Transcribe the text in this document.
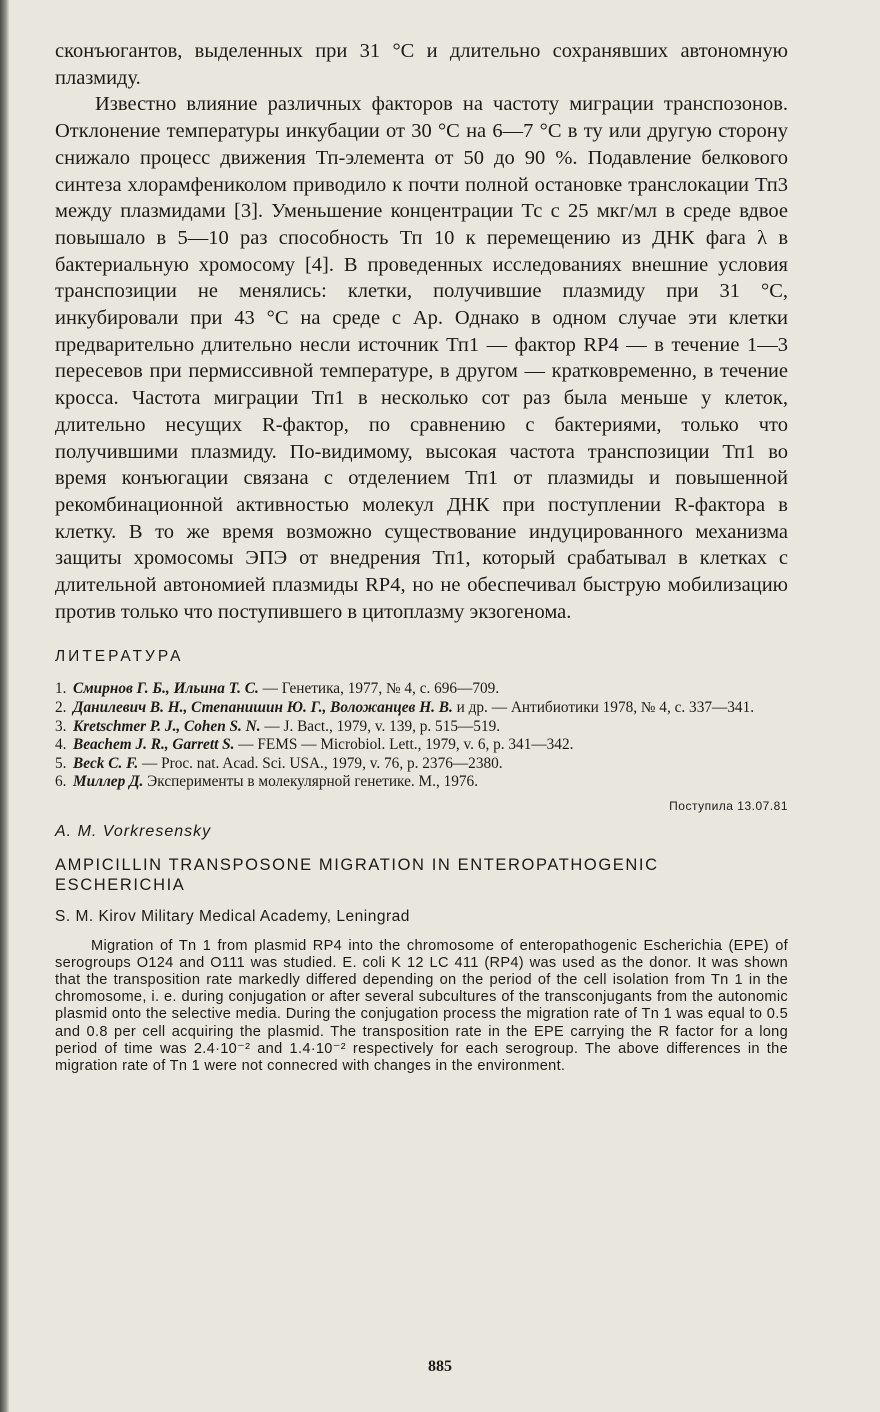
сконъюгантов, выделенных при 31 °С и длительно сохранявших автономную плазмиду.

Известно влияние различных факторов на частоту миграции транспозонов. Отклонение температуры инкубации от 30 °С на 6—7 °С в ту или другую сторону снижало процесс движения Тп-элемента от 50 до 90 %. Подавление белкового синтеза хлорамфениколом приводило к почти полной остановке транслокации Тп3 между плазмидами [3]. Уменьшение концентрации Тс с 25 мкг/мл в среде вдвое повышало в 5—10 раз способность Тп 10 к перемещению из ДНК фага λ в бактериальную хромосому [4]. В проведенных исследованиях внешние условия транспозиции не менялись: клетки, получившие плазмиду при 31 °С, инкубировали при 43 °С на среде с Ар. Однако в одном случае эти клетки предварительно длительно несли источник Тп1 — фактор RP4 — в течение 1—3 пересевов при пермиссивной температуре, в другом — кратковременно, в течение кросса. Частота миграции Тп1 в несколько сот раз была меньше у клеток, длительно несущих R-фактор, по сравнению с бактериями, только что получившими плазмиду. По-видимому, высокая частота транспозиции Тп1 во время конъюгации связана с отделением Тп1 от плазмиды и повышенной рекомбинационной активностью молекул ДНК при поступлении R-фактора в клетку. В то же время возможно существование индуцированного механизма защиты хромосомы ЭПЭ от внедрения Тп1, который срабатывал в клетках с длительной автономией плазмиды RP4, но не обеспечивал быструю мобилизацию против только что поступившего в цитоплазму экзогенома.

ЛИТЕРАТУРА
1. Смирнов Г. Б., Ильина Т. С. — Генетика, 1977, № 4, с. 696—709.
2. Данилевич В. Н., Степанишин Ю. Г., Воложанцев Н. В. и др. — Антибиотики 1978, № 4, с. 337—341.
3. Kretschmer P. J., Cohen S. N. — J. Bact., 1979, v. 139, p. 515—519.
4. Beachem J. R., Garrett S. — FEMS — Microbiol. Lett., 1979, v. 6, p. 341—342.
5. Beck C. F. — Proc. nat. Acad. Sci. USA., 1979, v. 76, p. 2376—2380.
6. Миллер Д. Эксперименты в молекулярной генетике. М., 1976.
Поступила 13.07.81
A. M. Vorkresensky
AMPICILLIN TRANSPOSONE MIGRATION IN ENTEROPATHOGENIC ESCHERICHIA
S. M. Kirov Military Medical Academy, Leningrad
Migration of Tn 1 from plasmid RP4 into the chromosome of enteropathogenic Escherichia (EPE) of serogroups O124 and O111 was studied. E. coli K 12 LC 411 (RP4) was used as the donor. It was shown that the transposition rate markedly differed depending on the period of the cell isolation from Tn 1 in the chromosome, i. e. during conjugation or after several subcultures of the transconjugants from the autonomic plasmid onto the selective media. During the conjugation process the migration rate of Tn 1 was equal to 0.5 and 0.8 per cell acquiring the plasmid. The transposition rate in the EPE carrying the R factor for a long period of time was 2.4·10⁻² and 1.4·10⁻² respectively for each serogroup. The above differences in the migration rate of Tn 1 were not connecred with changes in the environment.
885
